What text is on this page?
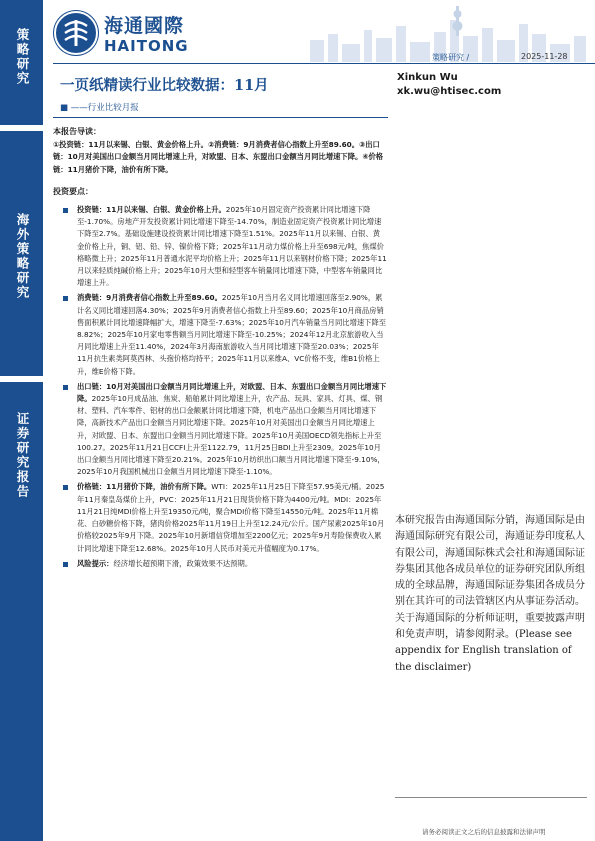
策略研究
海外策略研究
证券研究报告
海通國際
HAITONG
策略研究 /	2025-11-28
一页纸精读行业比较数据：11月
■ ——行业比较月报
Xinkun Wu
xk.wu@htisec.com
本报告导读：
①投资链：11月以来锡、白银、黄金价格上升。②消费链：9月消费者信心指数上升至89.60。③出口链：10月对美国出口金额当月同比增速上升，对欧盟、日本、东盟出口金额当月同比增速下降。④价格链：11月猪价下降，油价有所下降。
投资要点：
投资链：11月以来锡、白银、黄金价格上升。

2025年10月固定资产投资累计同比增速下降至-1.70%。房地产开发投资累计同比增速下降至-14.70%，制造业固定资产投资累计同比增速下降至2.7%。基础设施建设投资累计同比增速下降至1.51%。2025年11月以来锡、白银、黄金价格上升，铜、铝、铅、锌、镍价格下降；2025年11月动力煤价格上升至698元/吨，焦煤价格略微上升；2025年11月普通水泥平均价格上升；2025年11月以来钢材价格下降；2025年11月以来轻质纯碱价格上升；2025年10月大型和轻型客车销量同比增速下降，中型客车销量同比增速上升。

消费链：9月消费者信心指数上升至89.60。

2025年10月当月名义同比增速回落至2.90%，累计名义同比增速回落4.30%；2025年9月消费者信心指数上升至89.60；2025年10月商品房销售面积累计同比增速降幅扩大，增速下降至-7.63%；2025年10月汽车销量当月同比增速下降至8.82%；2025年10月家电零售额当月同比增速下降至-10.25%；2024年12月北京旅游收入当月同比增速上升至11.40%，2024年3月海南旅游收入当月同比增速下降至20.03%；2025年11月抗生素类阿莫西林、头孢价格均持平；2025年11月以来维A、VC价格不变，维B1价格上升，维E价格下降。

出口链：10月对美国出口金额当月同比增速上升，对欧盟、日本、东盟出口金额当月同比增速下降。

2025年10月成品油、焦炭、船舶累计同比增速上升，农产品、玩具、家具、灯具、煤、钢材、塑料、汽车零件、铝材的出口金额累计同比增速下降，机电产品出口金额当月同比增速下降，高新技术产品出口金额当月同比增速下降。2025年10月对美国出口金额当月同比增速上升，对欧盟、日本、东盟出口金额当月同比增速下降。2025年10月美国OECD领先指标上升至100.27。2025年11月21日CCFI上升至1122.79，11月25日BDI上升至2309。2025年10月出口金额当月同比增速下降至20.21%。2025年10月纺织出口额当月同比增速下降至-9.10%，2025年10月我国机械出口金额当月同比增速下降至-1.10%。

价格链：11月猪价下降，油价有所下降。

WTI：2025年11月25日下降至57.95美元/桶。2025年11月秦皇岛煤价上升，PVC：2025年11月21日现货价格下降为4400元/吨。MDI：2025年11月21日纯MDI价格上升至19350元/吨，聚合MDI价格下降至14550元/吨。2025年11月棉花、白砂糖价格下降，猪肉价格2025年11月19日上升至12.24元/公斤。国产尿素2025年10月价格较2025年9月下降。2025年10月新增信贷增加至2200亿元；2025年9月寿险保费收入累计同比增速下降至12.68%。2025年10月人民币对美元升值幅度为0.17%。

风险提示：

经济增长超预期下滑，政策效果不达预期。

本研究报告由海通国际分销，海通国际是由海通国际研究有限公司，海通证券印度私人有限公司，海通国际株式会社和海通国际证券集团其他各成员单位的证券研究团队所组成的全球品牌，海通国际证券集团各成员分别在其许可的司法管辖区内从事证券活动。关于海通国际的分析师证明，重要披露声明和免责声明，请参阅附录。(Please see appendix for English translation of the disclaimer)
请务必阅读正文之后的信息披露和法律声明
